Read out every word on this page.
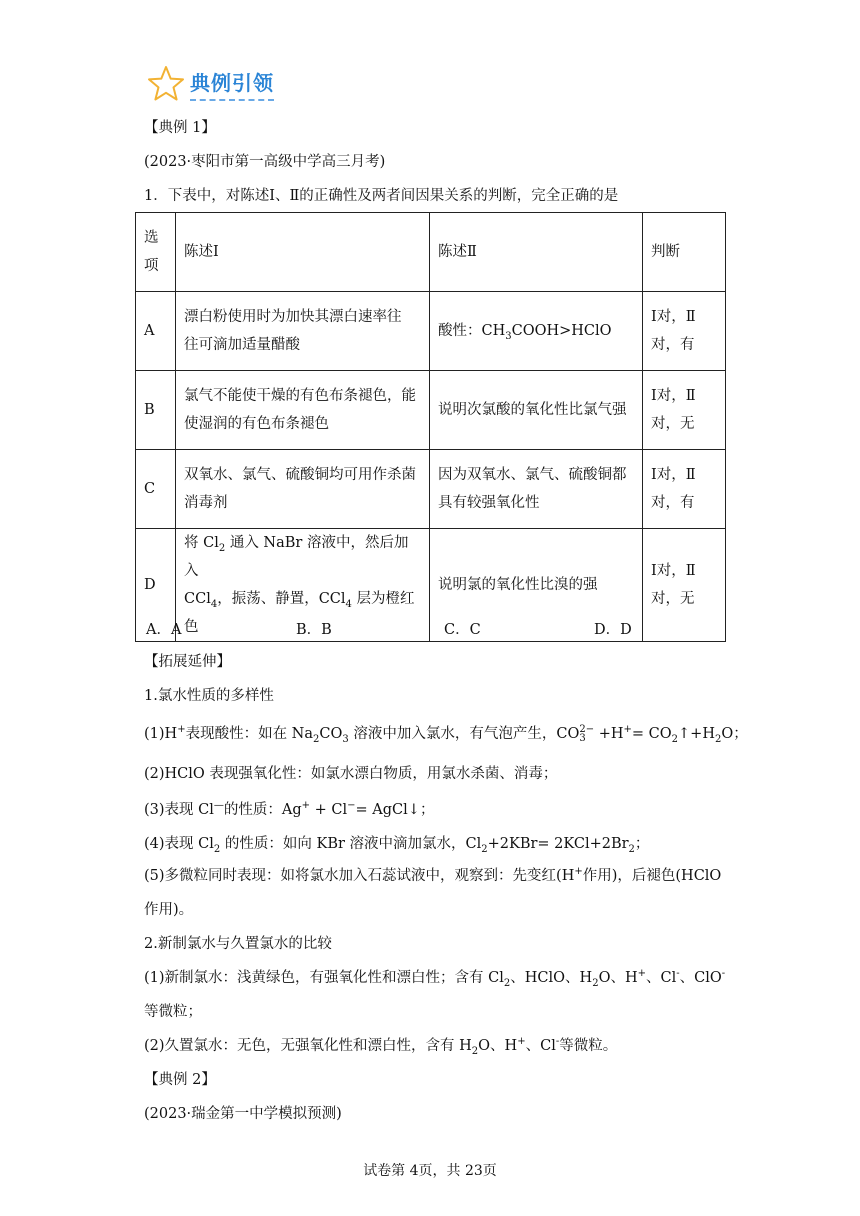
典例引领
【典例 1】
(2023·枣阳市第一高级中学高三月考)
1．下表中，对陈述Ⅰ、Ⅱ的正确性及两者间因果关系的判断，完全正确的是
选
项	陈述Ⅰ	陈述Ⅱ	判断
A	漂白粉使用时为加快其漂白速率往
往可滴加适量醋酸	酸性：$CH_3COOH>HClO$	Ⅰ对，Ⅱ
对，有
B	氯气不能使干燥的有色布条褪色，能
使湿润的有色布条褪色	说明次氯酸的氧化性比氯气强	Ⅰ对，Ⅱ
对，无
C	双氧水、氯气、硫酸铜均可用作杀菌
消毒剂	因为双氧水、氯气、硫酸铜都
具有较强氧化性	Ⅰ对，Ⅱ
对，有
D	将 $Cl_2$ 通入 NaBr 溶液中，然后加入
CCl$_4$，振荡、静置，CCl$_4$ 层为橙红色	说明氯的氧化性比溴的强	Ⅰ对，Ⅱ
对，无
A．A	B．B	C．C	D．D
【拓展延伸】
1.氯水性质的多样性
(1)H+表现酸性：如在 $Na_2CO_3$ 溶液中加入氯水，有气泡产生，CO 2−
$3 +H^+= CO_2↑+H_2O$；
(2)HClO 表现强氧化性：如氯水漂白物质，用氯水杀菌、消毒；
(3)表现 Cl—的性质：Ag+ + Cl−= AgCl↓；
(4)表现 $Cl_2$ 的性质：如向 KBr 溶液中滴加氯水，$Cl_2+2KBr= 2KCl+2Br_2$；
(5)多微粒同时表现：如将氯水加入石蕊试液中，观察到：先变红(H+作用)，后褪色(HClO
作用)。
2.新制氯水与久置氯水的比较
(1)新制氯水：浅黄绿色，有强氧化性和漂白性；含有 $Cl_2$、HClO、$H_2O$、H+、Cl-、ClO-
等微粒；
(2)久置氯水：无色，无强氧化性和漂白性，含有 $H_2O$、H+、Cl-等微粒。
【典例 2】
(2023·瑞金第一中学模拟预测)
试卷第 4页，共 23页
